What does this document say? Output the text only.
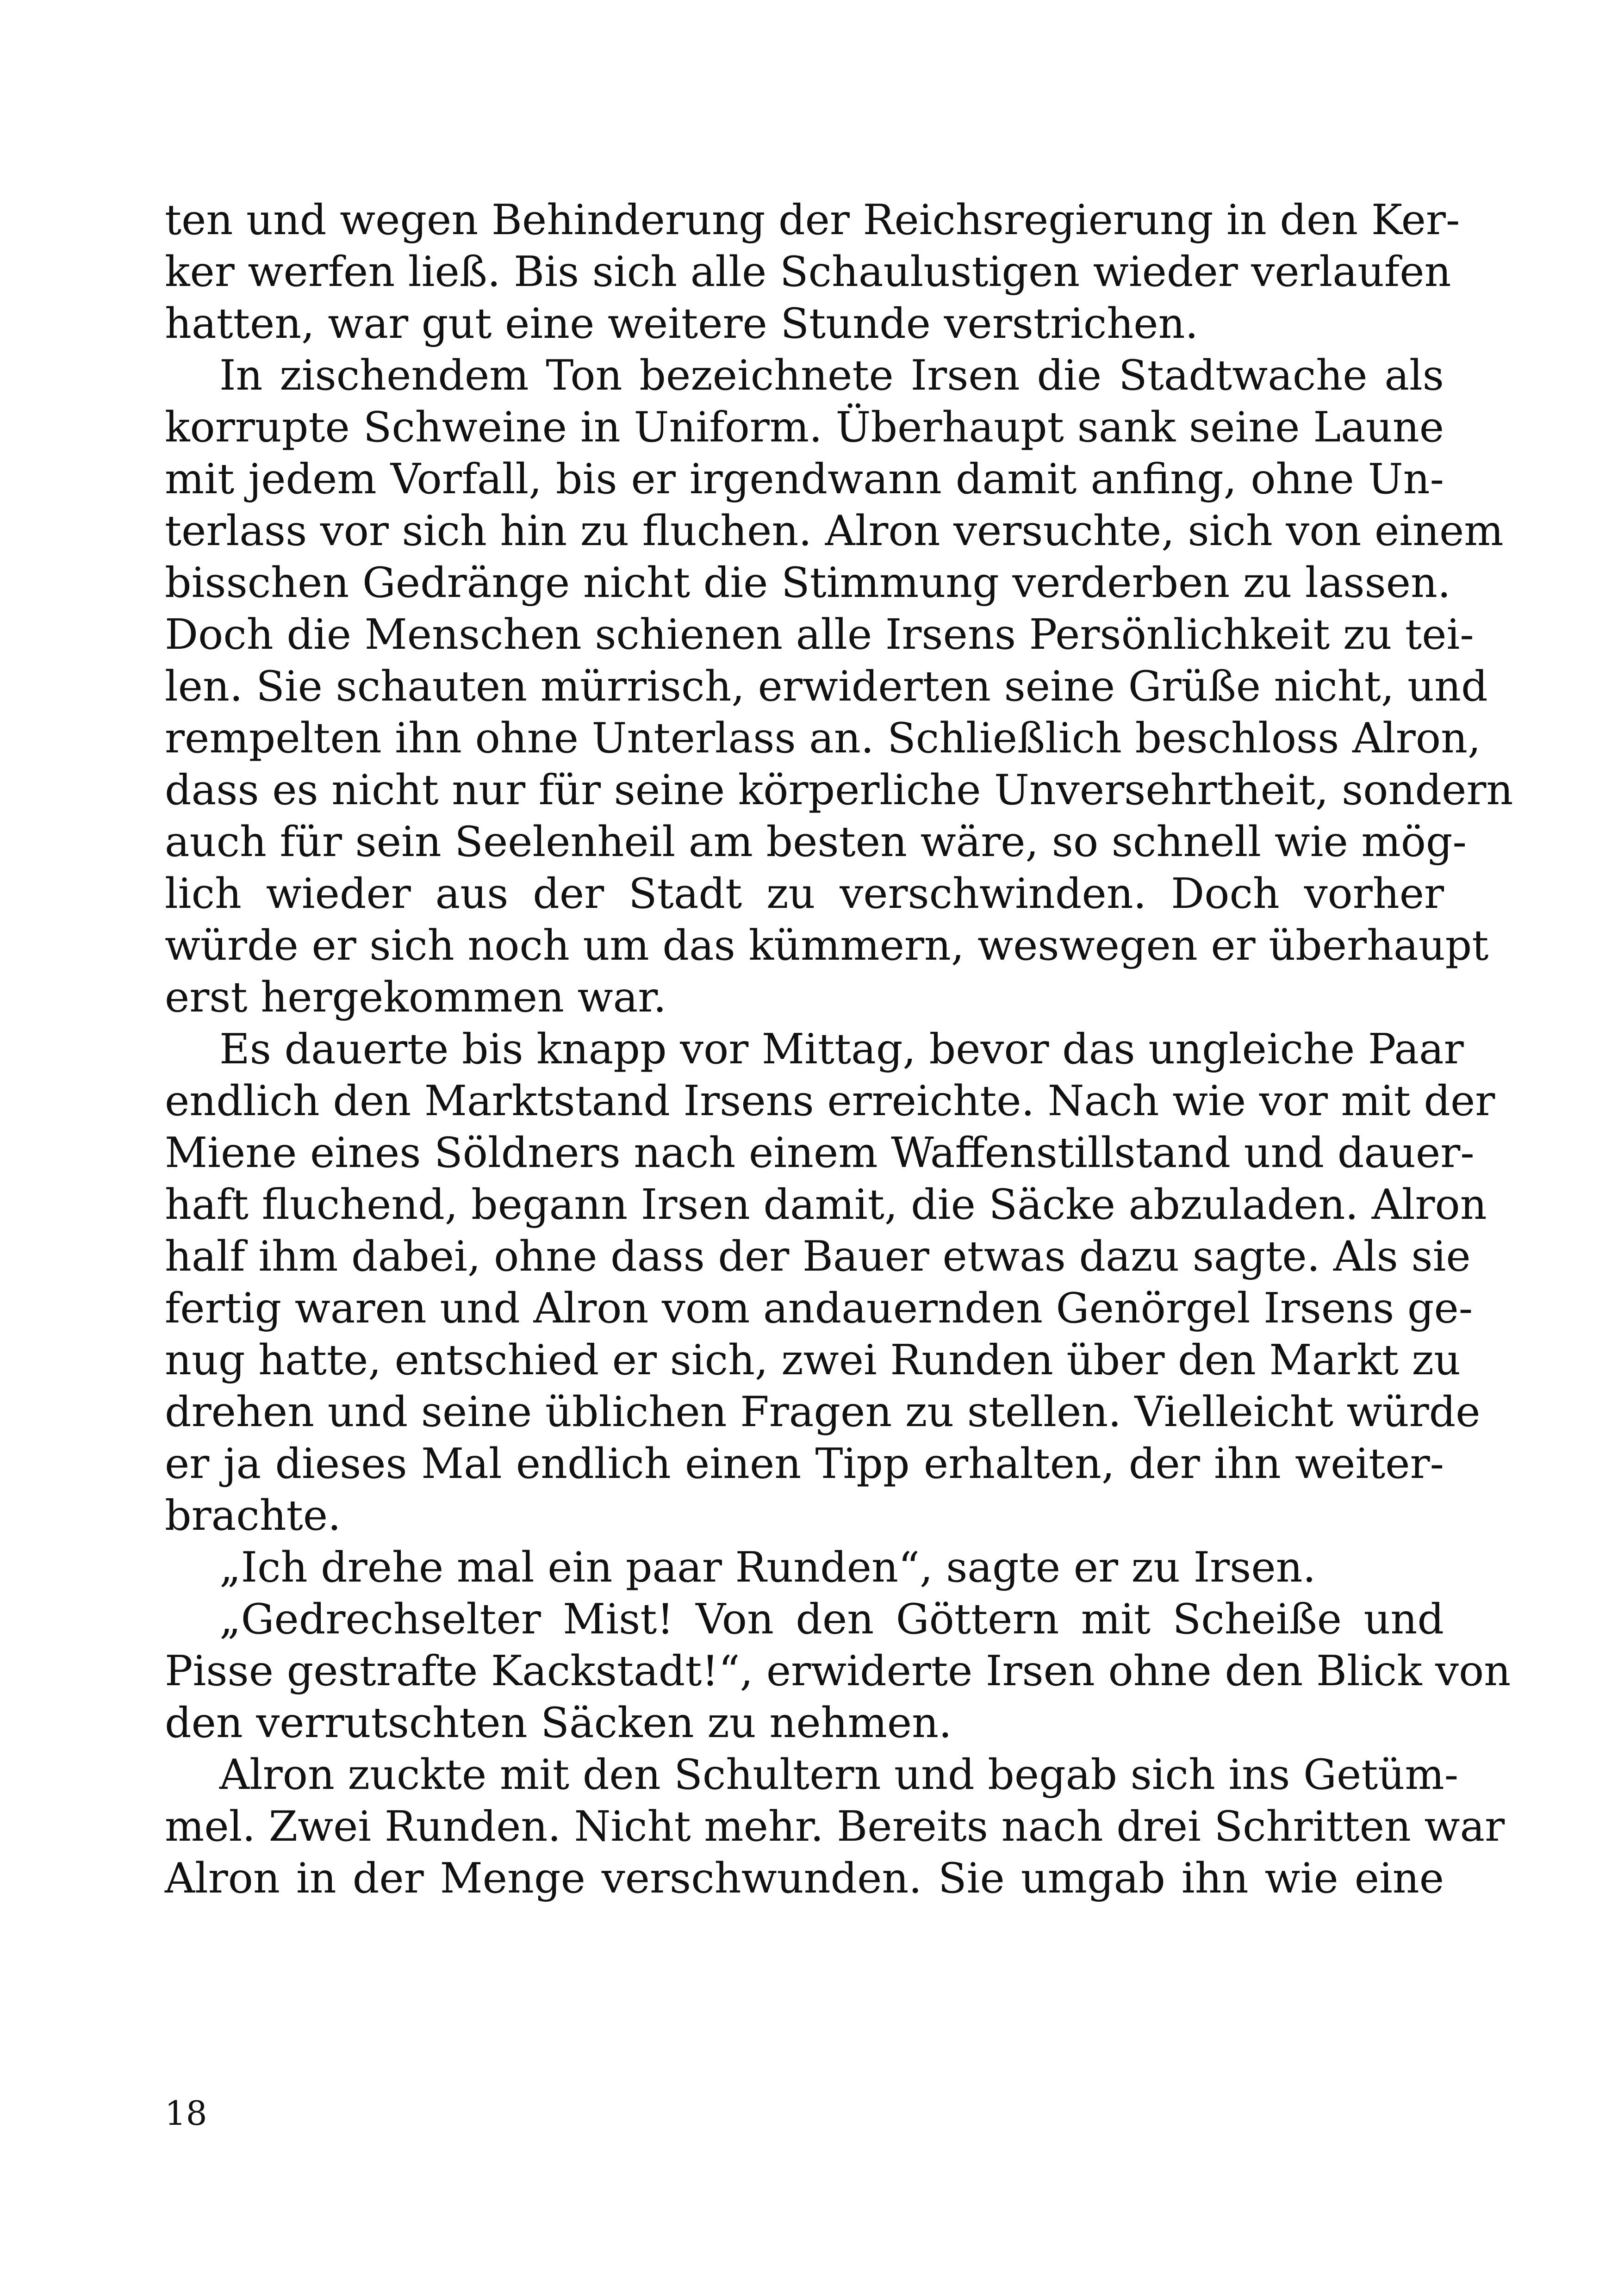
ten und wegen Behinderung der Reichsregierung in den Ker-
ker werfen ließ. Bis sich alle Schaulustigen wieder verlaufen
hatten, war gut eine weitere Stunde verstrichen.
In zischendem Ton bezeichnete Irsen die Stadtwache als
korrupte Schweine in Uniform. Überhaupt sank seine Laune
mit jedem Vorfall, bis er irgendwann damit anfing, ohne Un-
terlass vor sich hin zu fluchen. Alron versuchte, sich von einem
bisschen Gedränge nicht die Stimmung verderben zu lassen.
Doch die Menschen schienen alle Irsens Persönlichkeit zu tei-
len. Sie schauten mürrisch, erwiderten seine Grüße nicht, und
rempelten ihn ohne Unterlass an. Schließlich beschloss Alron,
dass es nicht nur für seine körperliche Unversehrtheit, sondern
auch für sein Seelenheil am besten wäre, so schnell wie mög-
lich wieder aus der Stadt zu verschwinden. Doch vorher
würde er sich noch um das kümmern, weswegen er überhaupt
erst hergekommen war.
Es dauerte bis knapp vor Mittag, bevor das ungleiche Paar
endlich den Marktstand Irsens erreichte. Nach wie vor mit der
Miene eines Söldners nach einem Waffenstillstand und dauer-
haft fluchend, begann Irsen damit, die Säcke abzuladen. Alron
half ihm dabei, ohne dass der Bauer etwas dazu sagte. Als sie
fertig waren und Alron vom andauernden Genörgel Irsens ge-
nug hatte, entschied er sich, zwei Runden über den Markt zu
drehen und seine üblichen Fragen zu stellen. Vielleicht würde
er ja dieses Mal endlich einen Tipp erhalten, der ihn weiter-
brachte.
„Ich drehe mal ein paar Runden“, sagte er zu Irsen.
„Gedrechselter Mist! Von den Göttern mit Scheiße und
Pisse gestrafte Kackstadt!“, erwiderte Irsen ohne den Blick von
den verrutschten Säcken zu nehmen.
Alron zuckte mit den Schultern und begab sich ins Getüm-
mel. Zwei Runden. Nicht mehr. Bereits nach drei Schritten war
Alron in der Menge verschwunden. Sie umgab ihn wie eine
18
